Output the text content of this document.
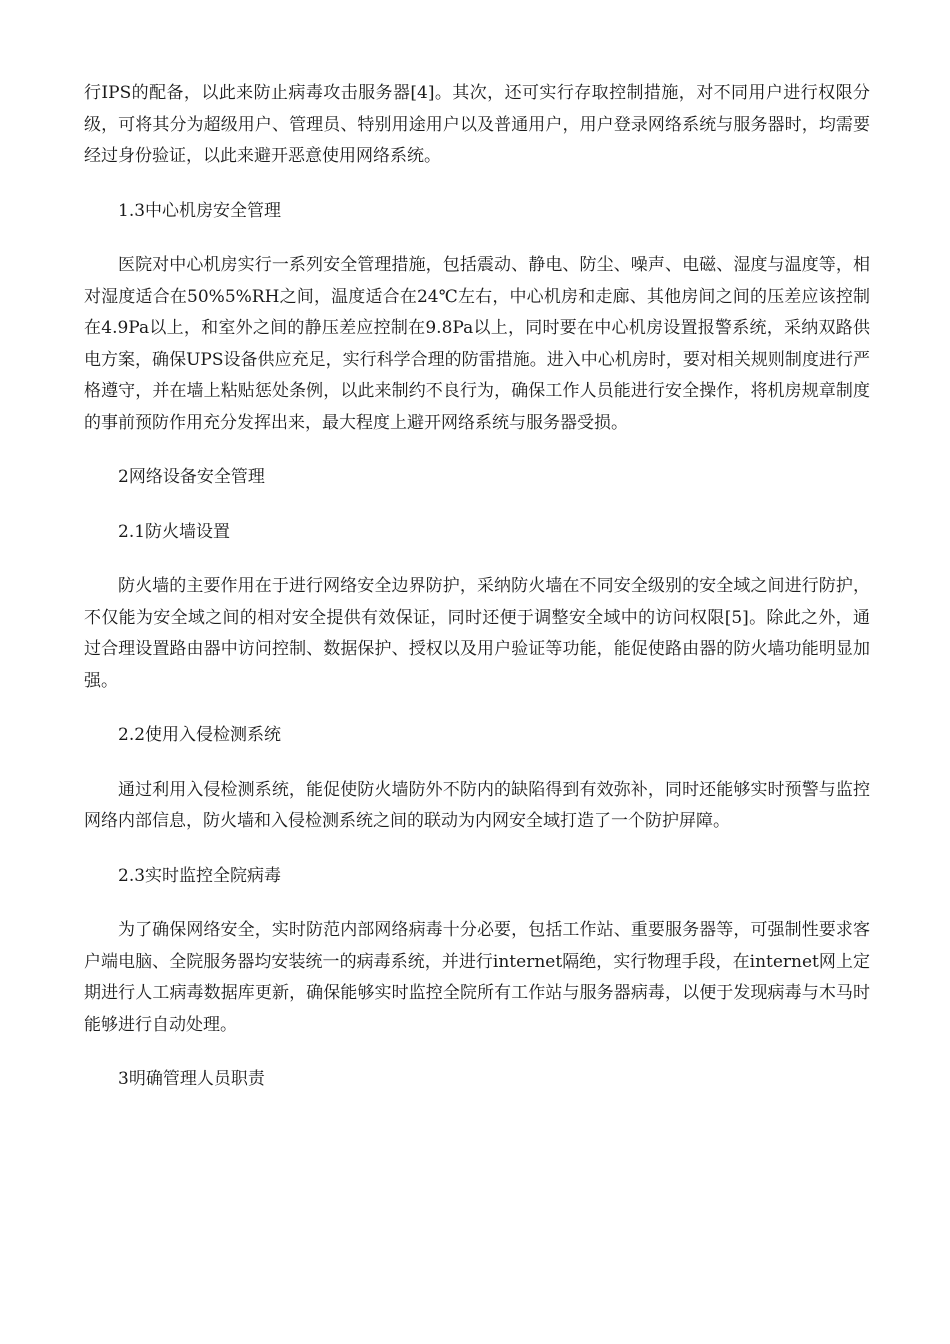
行IPS的配备，以此来防止病毒攻击服务器[4]。其次，还可实行存取控制措施，对不同用户进行权限分级，可将其分为超级用户、管理员、特别用途用户以及普通用户，用户登录网络系统与服务器时，均需要经过身份验证，以此来避开恶意使用网络系统。

1.3中心机房安全管理

医院对中心机房实行一系列安全管理措施，包括震动、静电、防尘、噪声、电磁、湿度与温度等，相对湿度适合在50%5%RH之间，温度适合在24℃左右，中心机房和走廊、其他房间之间的压差应该控制在4.9Pa以上，和室外之间的静压差应控制在9.8Pa以上，同时要在中心机房设置报警系统，采纳双路供电方案，确保UPS设备供应充足，实行科学合理的防雷措施。进入中心机房时，要对相关规则制度进行严格遵守，并在墙上粘贴惩处条例，以此来制约不良行为，确保工作人员能进行安全操作，将机房规章制度的事前预防作用充分发挥出来，最大程度上避开网络系统与服务器受损。

2网络设备安全管理

2.1防火墙设置

防火墙的主要作用在于进行网络安全边界防护，采纳防火墙在不同安全级别的安全域之间进行防护，不仅能为安全域之间的相对安全提供有效保证，同时还便于调整安全域中的访问权限[5]。除此之外，通过合理设置路由器中访问控制、数据保护、授权以及用户验证等功能，能促使路由器的防火墙功能明显加强。

2.2使用入侵检测系统

通过利用入侵检测系统，能促使防火墙防外不防内的缺陷得到有效弥补，同时还能够实时预警与监控网络内部信息，防火墙和入侵检测系统之间的联动为内网安全域打造了一个防护屏障。

2.3实时监控全院病毒

为了确保网络安全，实时防范内部网络病毒十分必要，包括工作站、重要服务器等，可强制性要求客户端电脑、全院服务器均安装统一的病毒系统，并进行internet隔绝，实行物理手段，在internet网上定期进行人工病毒数据库更新，确保能够实时监控全院所有工作站与服务器病毒，以便于发现病毒与木马时能够进行自动处理。

3明确管理人员职责
